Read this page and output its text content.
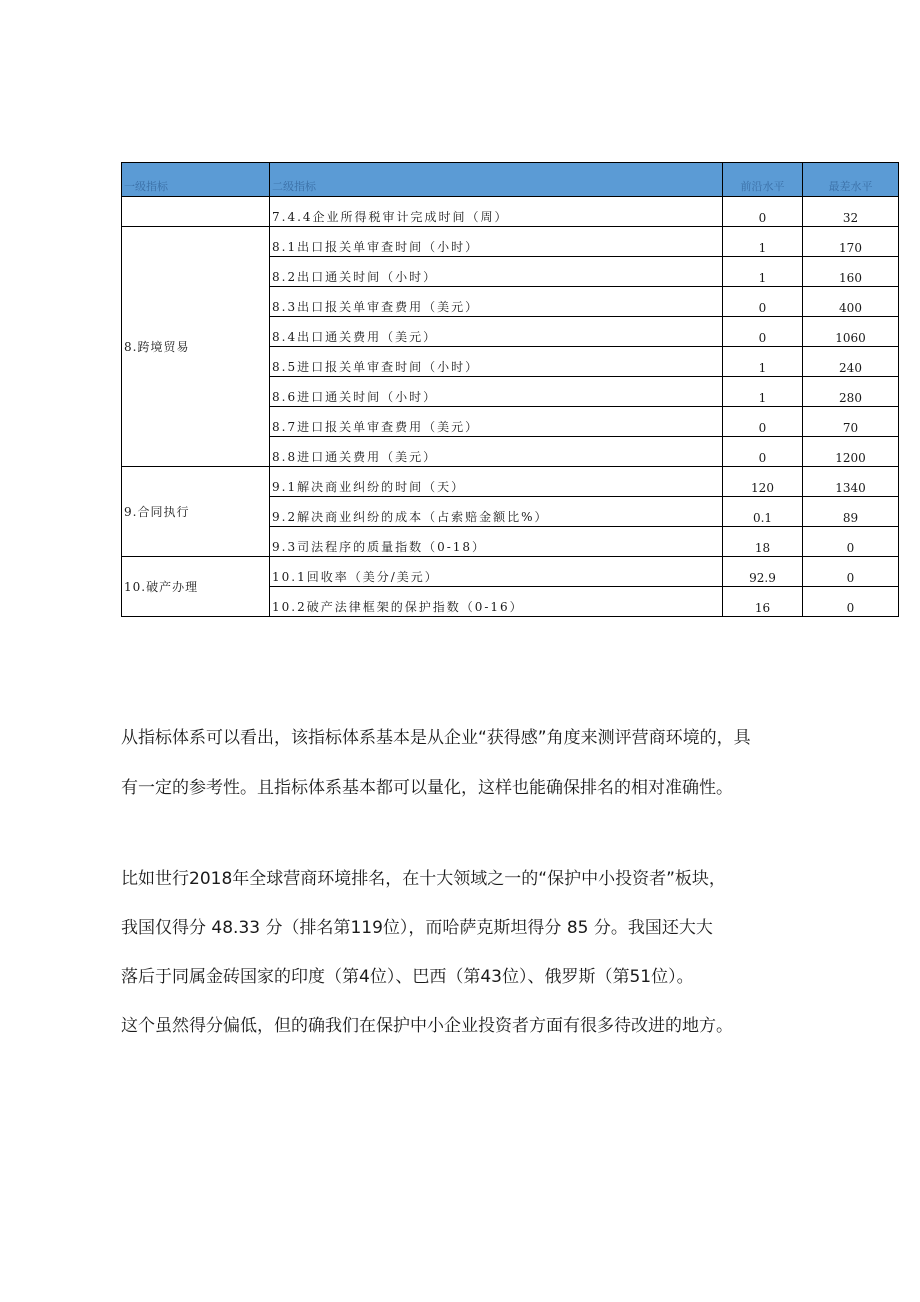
一级指标	二级指标	前沿水平	最差水平
	7.4.4企业所得税审计完成时间（周）	0	32
8.跨境贸易	8.1出口报关单审查时间（小时）	1	170
	8.2出口通关时间（小时）	1	160
	8.3出口报关单审查费用（美元）	0	400
	8.4出口通关费用（美元）	0	1060
	8.5进口报关单审查时间（小时）	1	240
	8.6进口通关时间（小时）	1	280
	8.7进口报关单审查费用（美元）	0	70
	8.8进口通关费用（美元）	0	1200
9.合同执行	9.1解决商业纠纷的时间（天）	120	1340
	9.2解决商业纠纷的成本（占索赔金额比%）	0.1	89
	9.3司法程序的质量指数（0-18）	18	0
10.破产办理	10.1回收率（美分/美元）	92.9	0
	10.2破产法律框架的保护指数（0-16）	16	0
从指标体系可以看出，该指标体系基本是从企业“获得感”角度来测评营商环境的，具
有一定的参考性。且指标体系基本都可以量化，这样也能确保排名的相对准确性。
比如世行2018年全球营商环境排名，在十大领域之一的“保护中小投资者”板块，
我国仅得分 48.33 分（排名第119位），而哈萨克斯坦得分 85 分。我国还大大
落后于同属金砖国家的印度（第4位）、巴西（第43位）、俄罗斯（第51位）。
这个虽然得分偏低，但的确我们在保护中小企业投资者方面有很多待改进的地方。
